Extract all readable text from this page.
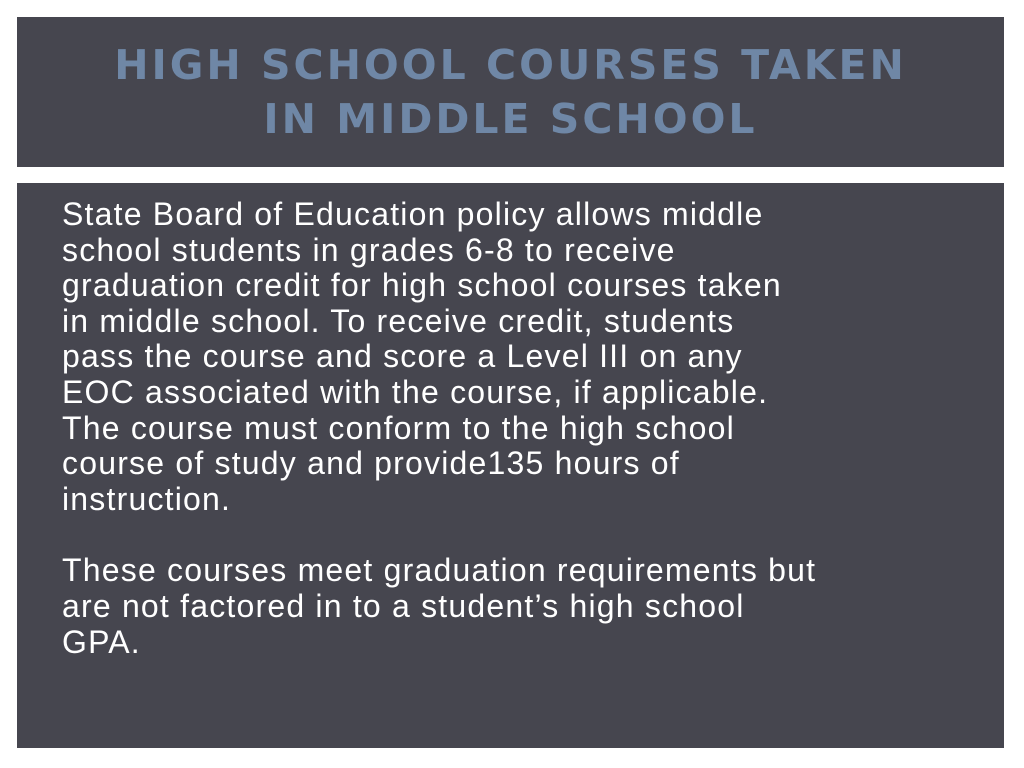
HIGH SCHOOL COURSES TAKEN
IN MIDDLE SCHOOL

State Board of Education policy allows middle
school students in grades 6-8 to receive
graduation credit for high school courses taken
in middle school. To receive credit, students
pass the course and score a Level III on any
EOC associated with the course, if applicable.
The course must conform to the high school
course of study and provide135 hours of
instruction.

These courses meet graduation requirements but
are not factored in to a student’s high school
GPA.
